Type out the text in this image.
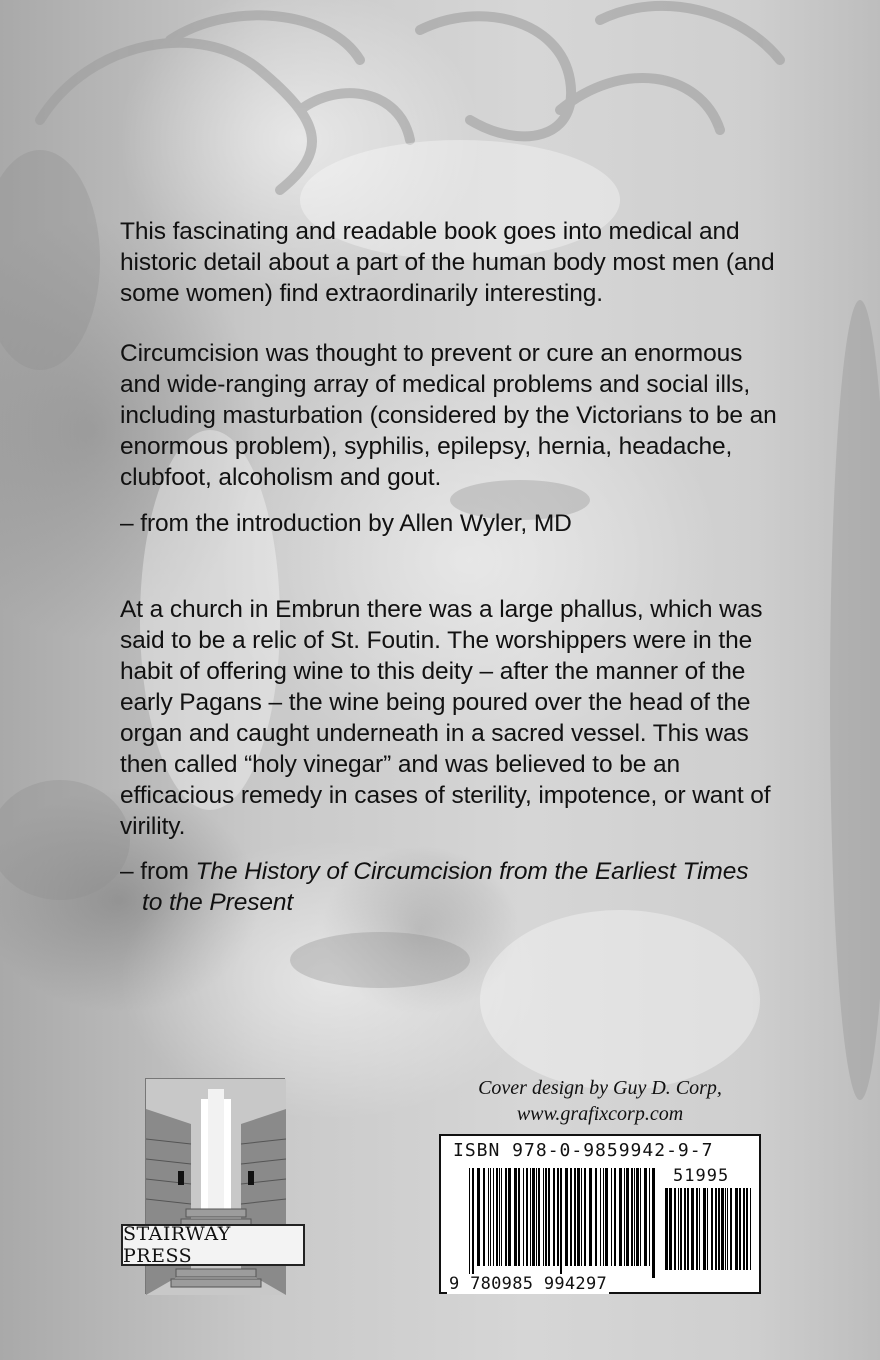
This fascinating and readable book goes into medical and historic detail about a part of the human body most men (and some women) find extraordinarily interesting.

Circumcision was thought to prevent or cure an enormous and wide-ranging array of medical problems and social ills, including masturbation (considered by the Victorians to be an enormous problem), syphilis, epilepsy, hernia, headache, clubfoot, alcoholism and gout.

– from the introduction by Allen Wyler, MD

At a church in Embrun there was a large phallus, which was said to be a relic of St. Foutin. The worshippers were in the habit of offering wine to this deity – after the manner of the early Pagans – the wine being poured over the head of the organ and caught underneath in a sacred vessel. This was then called “holy vinegar” and was believed to be an efficacious remedy in cases of sterility, impotence, or want of virility.

– from The History of Circumcision from the Earliest Times
to the Present
STAIRWAY PRESS
Cover design by Guy D. Corp,
www.grafixcorp.com
ISBN 978-0-9859942-9-7
51995
9 780985 994297
